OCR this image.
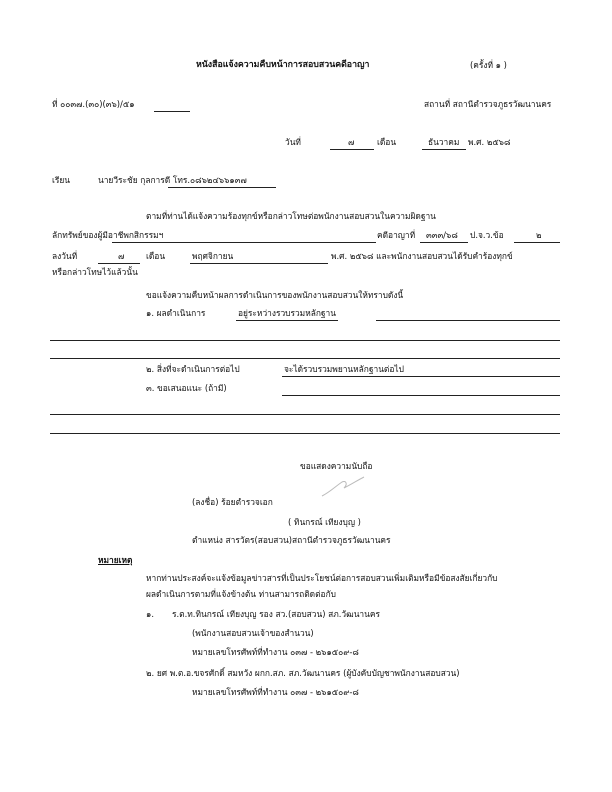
หนังสือแจ้งความคืบหน้าการสอบสวนคดีอาญา	(ครั้งที่ ๑ )
ที่ ๐๐๓๗.(๓๐)(๓๖)/๕๑	สถานที่ สถานีตำรวจภูธรวัฒนานคร
วันที่	๗	เดือน	ธันวาคม พ.ศ. ๒๕๖๘
เรียน	นายวีระชัย กุลการดี โทร.๐๘๖๒๔๖๖๑๓๗
ตามที่ท่านได้แจ้งความร้องทุกข์หรือกล่าวโทษต่อพนักงานสอบสวนในความผิดฐาน
ลักทรัพย์ของผู้มีอาชีพกสิกรรมฯ	คดีอาญาที่ ๓๓๓/๖๘ ป.จ.ว.ข้อ	๒
ลงวันที่	๗	เดือน	พฤศจิกายน	พ.ศ. ๒๕๖๘ และพนักงานสอบสวนได้รับคำร้องทุกข์
หรือกล่าวโทษไว้แล้วนั้น
ขอแจ้งความคืบหน้าผลการดำเนินการของพนักงานสอบสวนให้ทราบดังนี้
๑. ผลดำเนินการ	อยู่ระหว่างรวบรวมหลักฐาน
๒. สิ่งที่จะดำเนินการต่อไป	จะได้รวบรวมพยานหลักฐานต่อไป
๓. ขอเสนอแนะ (ถ้ามี)
ขอแสดงความนับถือ
(ลงชื่อ) ร้อยตำรวจเอก
( ทินกรณ์ เทียงบุญ )
ตำแหน่ง สารวัตร(สอบสวน)สถานีตำรวจภูธรวัฒนานคร
หมายเหตุ
หากท่านประสงค์จะแจ้งข้อมูลข่าวสารที่เป็นประโยชน์ต่อการสอบสวนเพิ่มเติมหรือมีข้อสงสัยเกี่ยวกับ
ผลดำเนินการตามที่แจ้งข้างต้น ท่านสามารถติดต่อกับ
๑. ร.ต.ท.ทินกรณ์ เทียงบุญ รอง สว.(สอบสวน) สภ.วัฒนานคร
(พนักงานสอบสวนเจ้าของสำนวน)
หมายเลขโทรศัพท์ที่ทำงาน ๐๓๗ - ๒๖๑๕๐๙-๘
๒. ยศ พ.ต.อ.ขจรศักดิ์ สมหวัง ผกก.สภ. สภ.วัฒนานคร (ผู้บังคับบัญชาพนักงานสอบสวน)
หมายเลขโทรศัพท์ที่ทำงาน ๐๓๗ - ๒๖๑๕๐๙-๘
